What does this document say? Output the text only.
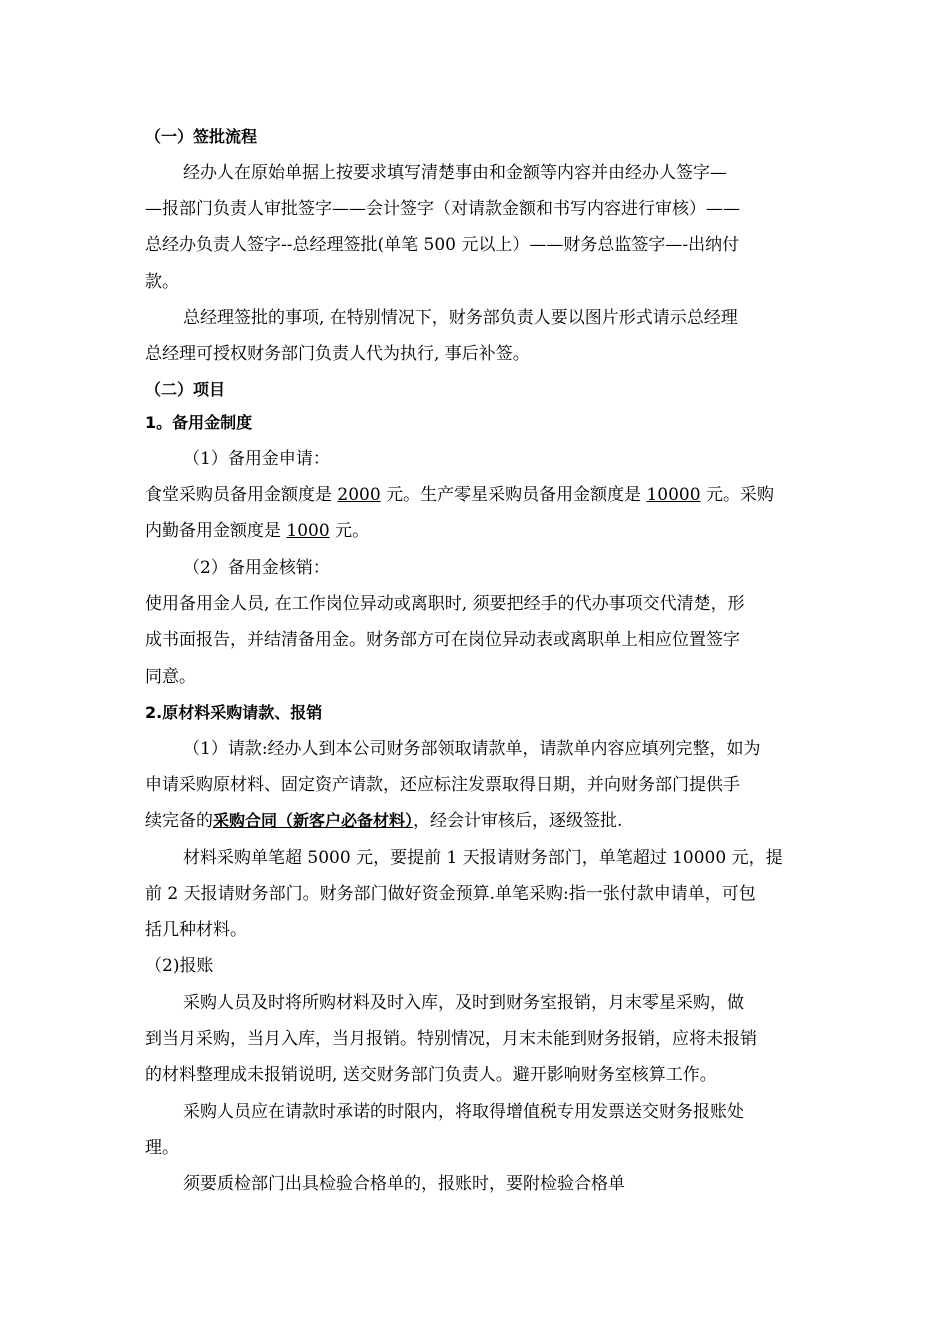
（一）签批流程
经办人在原始单据上按要求填写清楚事由和金额等内容并由经办人签字—
—报部门负责人审批签字——会计签字（对请款金额和书写内容进行审核）——
总经办负责人签字--总经理签批(单笔 500 元以上）——财务总监签字—-出纳付
款。
总经理签批的事项, 在特别情况下，财务部负责人要以图片形式请示总经理
总经理可授权财务部门负责人代为执行, 事后补签。
（二）项目
1。备用金制度
（1）备用金申请：
食堂采购员备用金额度是 2000 元。生产零星采购员备用金额度是 10000 元。采购
内勤备用金额度是 1000 元。
（2）备用金核销：
使用备用金人员, 在工作岗位异动或离职时, 须要把经手的代办事项交代清楚，形
成书面报告，并结清备用金。财务部方可在岗位异动表或离职单上相应位置签字
同意。
2.原材料采购请款、报销
（1）请款:经办人到本公司财务部领取请款单，请款单内容应填列完整，如为
申请采购原材料、固定资产请款，还应标注发票取得日期，并向财务部门提供手
续完备的采购合同（新客户必备材料），经会计审核后，逐级签批.
材料采购单笔超 5000 元，要提前 1 天报请财务部门，单笔超过 10000 元，提
前 2 天报请财务部门。财务部门做好资金预算.单笔采购:指一张付款申请单，可包
括几种材料。
（2)报账
采购人员及时将所购材料及时入库，及时到财务室报销，月末零星采购，做
到当月采购，当月入库，当月报销。特别情况，月末未能到财务报销，应将未报销
的材料整理成未报销说明, 送交财务部门负责人。避开影响财务室核算工作。
采购人员应在请款时承诺的时限内，将取得增值税专用发票送交财务报账处
理。
须要质检部门出具检验合格单的，报账时，要附检验合格单
